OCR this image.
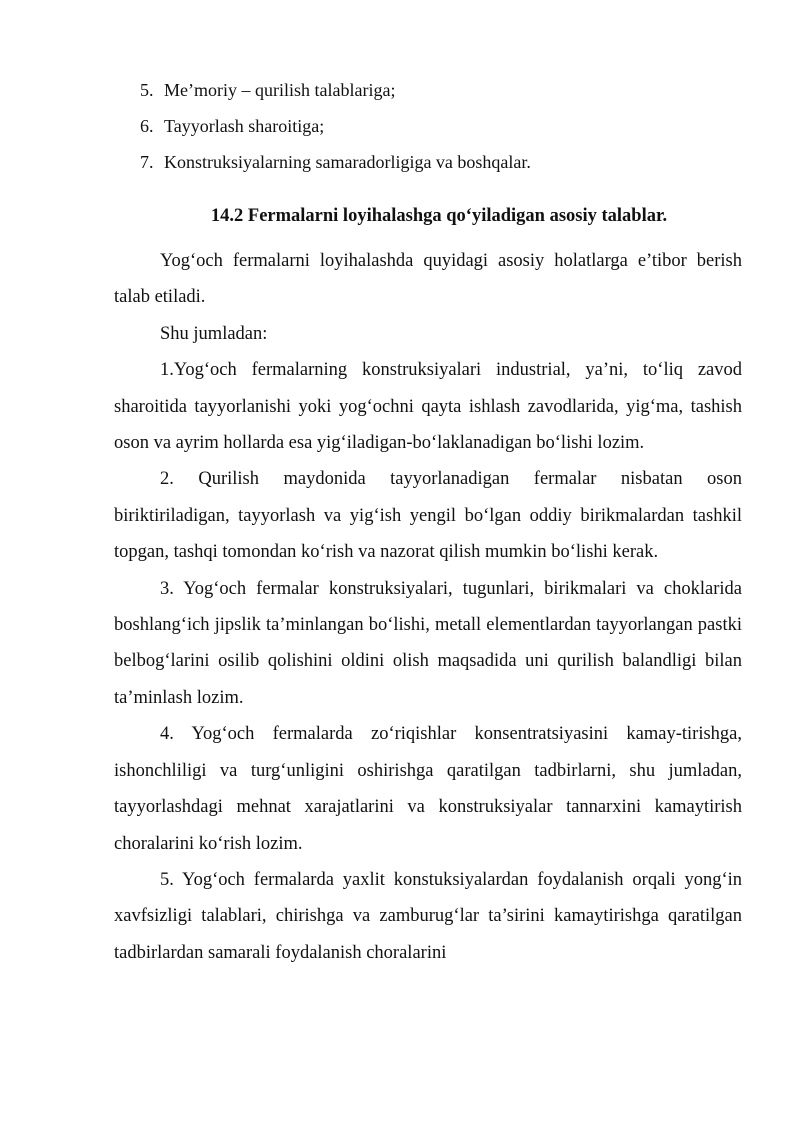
5. Me’moriy – qurilish talablariga;
6. Tayyorlash sharoitiga;
7. Konstruksiyalarning samaradorligiga va boshqalar.
14.2 Fermalarni loyihalashga qo‘yiladigan asosiy talablar.

Yog‘och fermalarni loyihalashda quyidagi asosiy holatlarga e’tibor berish talab etiladi.

Shu jumladan:

1.Yog‘och fermalarning konstruksiyalari industrial, ya’ni, to‘liq zavod sharoitida tayyorlanishi yoki yog‘ochni qayta ishlash zavodlarida, yig‘ma, tashish oson va ayrim hollarda esa yig‘iladigan-bo‘laklanadigan bo‘lishi lozim.

2. Qurilish maydonida tayyorlanadigan fermalar nisbatan oson biriktiriladigan, tayyorlash va yig‘ish yengil bo‘lgan oddiy birikmalardan tashkil topgan, tashqi tomondan ko‘rish va nazorat qilish mumkin bo‘lishi kerak.

3. Yog‘och fermalar konstruksiyalari, tugunlari, birikmalari va choklarida boshlang‘ich jipslik ta’minlangan bo‘lishi, metall elementlardan tayyorlangan pastki belbog‘larini osilib qolishini oldini olish maqsadida uni qurilish balandligi bilan ta’minlash lozim.

4. Yog‘och fermalarda zo‘riqishlar konsentratsiyasini kamay-tirishga, ishonchliligi va turg‘unligini oshirishga qaratilgan tadbirlarni, shu jumladan, tayyorlashdagi mehnat xarajatlarini va konstruksiyalar tannarxini kamaytirish choralarini ko‘rish lozim.

5. Yog‘och fermalarda yaxlit konstuksiyalardan foydalanish orqali yong‘in xavfsizligi talablari, chirishga va zamburug‘lar ta’sirini kamaytirishga qaratilgan tadbirlardan samarali foydalanish choralarini
